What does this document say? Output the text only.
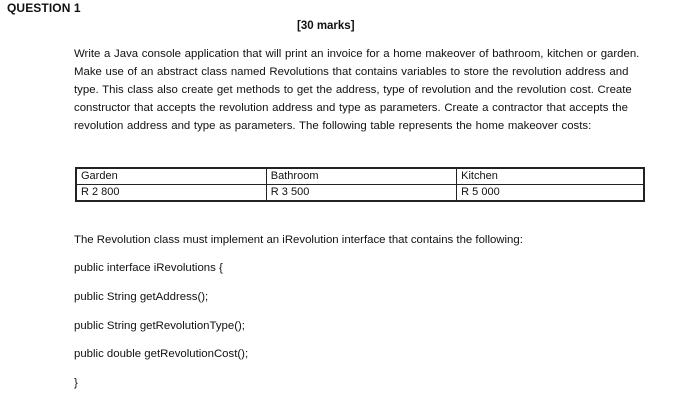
QUESTION 1
[30 marks]
Write a Java console application that will print an invoice for a home makeover of bathroom, kitchen or garden. Make use of an abstract class named Revolutions that contains variables to store the revolution address and type. This class also create get methods to get the address, type of revolution and the revolution cost. Create constructor that accepts the revolution address and type as parameters. Create a contractor that accepts the revolution address and type as parameters. The following table represents the home makeover costs:
Garden	Bathroom	Kitchen
R 2 800	R 3 500	R 5 000
The Revolution class must implement an iRevolution interface that contains the following:
public interface iRevolutions {
public String getAddress();
public String getRevolutionType();
public double getRevolutionCost();
}
